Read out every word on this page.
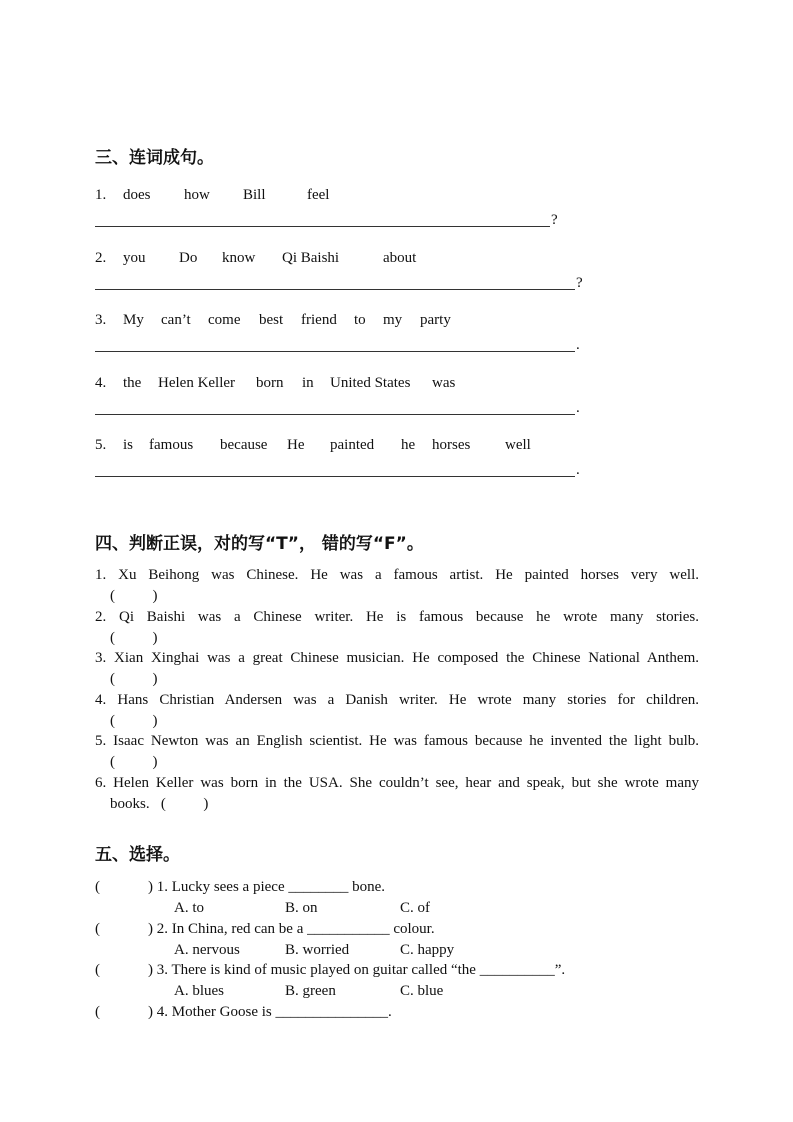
三、连词成句。
1. does how Bill	feel
?
2. you Do know Qi Baishi	about
?
3. My can’t come best friend to my party
.
4. the Helen Keller born in United States was
.
5. is famous because He painted he horses well
.
四、判断正误，对的写“T”， 错的写“F”。
1. Xu Beihong was Chinese. He was a famous artist. He painted horses very well.
(          )
2. Qi Baishi was a Chinese writer. He is famous because he wrote many stories.
(          )
3. Xian Xinghai was a great Chinese musician. He composed the Chinese National Anthem.
(          )
4. Hans Christian Andersen was a Danish writer. He wrote many stories for children.
(          )
5. Isaac Newton was an English scientist. He was famous because he invented the light bulb.
(          )
6. Helen Keller was born in the USA. She couldn’t see, hear and speak, but she wrote many
books.   (          )
五、选择。
(	) 1. Lucky sees a piece ________ bone.
A. to	B. on	C. of
(	) 2. In China, red can be a ___________ colour.
A. nervous	B. worried	C. happy
(	) 3. There is kind of music played on guitar called “the __________”.
A. blues	B. green	C. blue
(	) 4. Mother Goose is _______________.
